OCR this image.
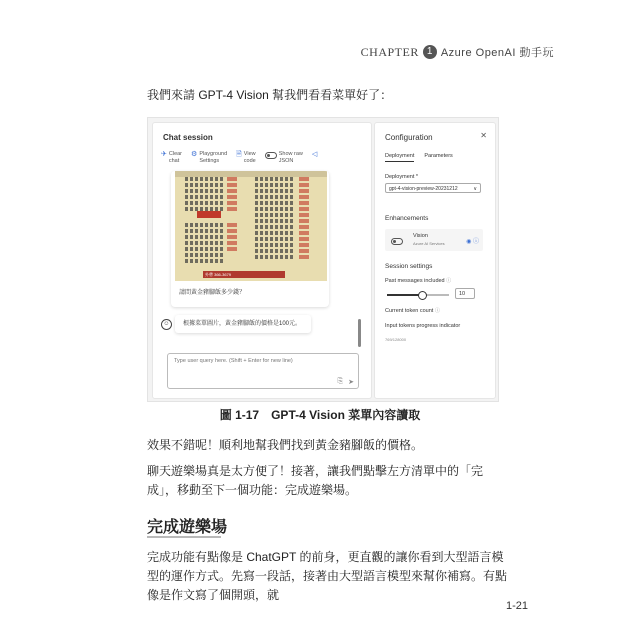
CHAPTER 1 Azure OpenAI 動手玩
我們來請 GPT-4 Vision 幫我們看看菜單好了：
Chat session
✈ Clear
chat
⚙ Playground
Settings
🗎 View
code
Show raw
JSON
◁
外帶 366-3679
請問黃金豬腳飯多少錢？
☺	根據菜單圖片，黃金豬腳飯的價格是100元。
Type user query here. (Shift + Enter for new line)
⎘ ➤
Configuration	✕
Deployment Parameters
Deployment *
gpt-4-vision-preview-20231212	∨
Enhancements
Vision
Azure AI Services	◉ ⓘ
Session settings
Past messages included ⓘ
10
Current token count ⓘ
Input tokens progress indicator
769/128000
圖 1-17　GPT-4 Vision 菜單內容讀取
效果不錯呢！順利地幫我們找到黃金豬腳飯的價格。
聊天遊樂場真是太方便了！接著，讓我們點擊左方清單中的「完成」，移動至下一個功能：完成遊樂場。
完成遊樂場
完成功能有點像是 ChatGPT 的前身，更直觀的讓你看到大型語言模型的運作方式。先寫一段話，接著由大型語言模型來幫你補寫。有點像是作文寫了個開頭，就
1-21
